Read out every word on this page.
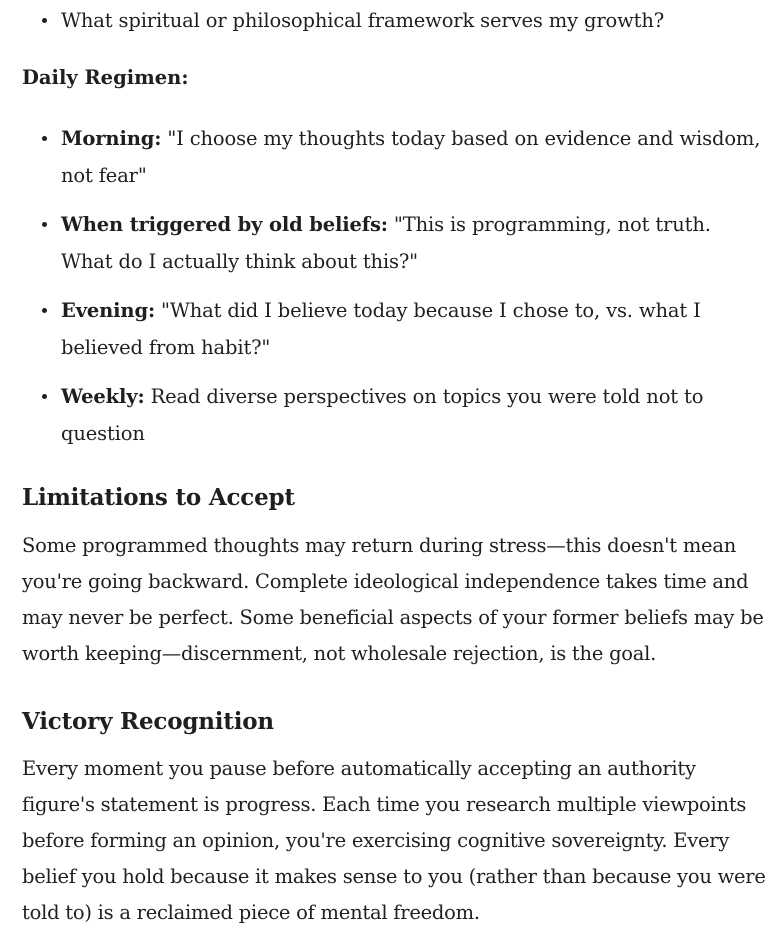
What spiritual or philosophical framework serves my growth?

Daily Regimen:

Morning: "I choose my thoughts today based on evidence and wisdom, not fear"
When triggered by old beliefs: "This is programming, not truth. What do I actually think about this?"
Evening: "What did I believe today because I chose to, vs. what I believed from habit?"
Weekly: Read diverse perspectives on topics you were told not to question
Limitations to Accept

Some programmed thoughts may return during stress—this doesn't mean you're going backward. Complete ideological independence takes time and may never be perfect. Some beneficial aspects of your former beliefs may be worth keeping—discernment, not wholesale rejection, is the goal.

Victory Recognition

Every moment you pause before automatically accepting an authority figure's statement is progress. Each time you research multiple viewpoints before forming an opinion, you're exercising cognitive sovereignty. Every belief you hold because it makes sense to you (rather than because you were told to) is a reclaimed piece of mental freedom.
